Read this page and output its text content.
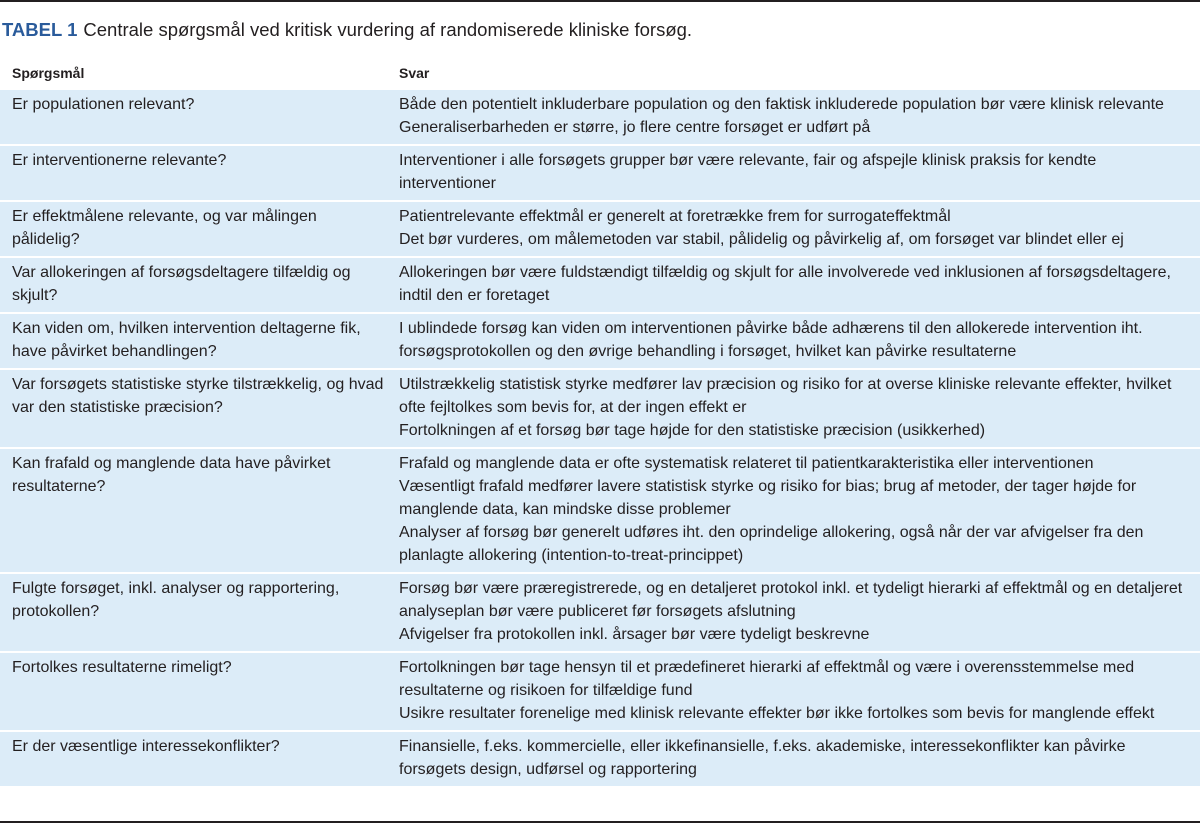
TABEL 1 Centrale spørgsmål ved kritisk vurdering af randomiserede kliniske forsøg.
Spørgsmål	Svar
Er populationen relevant?	Både den potentielt inkluderbare population og den faktisk inkluderede population bør være klinisk relevante
Generaliserbarheden er større, jo flere centre forsøget er udført på

Er interventionerne relevante?	Interventioner i alle forsøgets grupper bør være relevante, fair og afspejle klinisk praksis for kendte interventioner

Er effektmålene relevante, og var målingen pålidelig?	Patientrelevante effektmål er generelt at foretrække frem for surrogateffektmål
Det bør vurderes, om målemetoden var stabil, pålidelig og påvirkelig af, om forsøget var blindet eller ej

Var allokeringen af forsøgsdeltagere tilfældig og skjult?	Allokeringen bør være fuldstændigt tilfældig og skjult for alle involverede ved inklusionen af forsøgsdeltagere, indtil den er foretaget

Kan viden om, hvilken intervention deltagerne fik, have påvirket behandlingen?	I ublindede forsøg kan viden om interventionen påvirke både adhærens til den allokerede intervention iht. forsøgsprotokollen og den øvrige behandling i forsøget, hvilket kan påvirke resultaterne

Var forsøgets statistiske styrke tilstrækkelig, og hvad var den statistiske præcision?	Utilstrækkelig statistisk styrke medfører lav præcision og risiko for at overse kliniske relevante effekter, hvilket ofte fejltolkes som bevis for, at der ingen effekt er
Fortolkningen af et forsøg bør tage højde for den statistiske præcision (usikkerhed)

Kan frafald og manglende data have påvirket resultaterne?	Frafald og manglende data er ofte systematisk relateret til patientkarakteristika eller interventionen
Væsentligt frafald medfører lavere statistisk styrke og risiko for bias; brug af metoder, der tager højde for manglende data, kan mindske disse problemer
Analyser af forsøg bør generelt udføres iht. den oprindelige allokering, også når der var afvigelser fra den planlagte allokering (intention-to-treat-princippet)

Fulgte forsøget, inkl. analyser og rapportering, protokollen?	Forsøg bør være præregistrerede, og en detaljeret protokol inkl. et tydeligt hierarki af effektmål og en detaljeret analyseplan bør være publiceret før forsøgets afslutning
Afvigelser fra protokollen inkl. årsager bør være tydeligt beskrevne

Fortolkes resultaterne rimeligt?	Fortolkningen bør tage hensyn til et prædefineret hierarki af effektmål og være i overensstemmelse med resultaterne og risikoen for tilfældige fund
Usikre resultater forenelige med klinisk relevante effekter bør ikke fortolkes som bevis for manglende effekt

Er der væsentlige interessekonflikter?	Finansielle, f.eks. kommercielle, eller ikkefinansielle, f.eks. akademiske, interessekonflikter kan påvirke forsøgets design, udførsel og rapportering
